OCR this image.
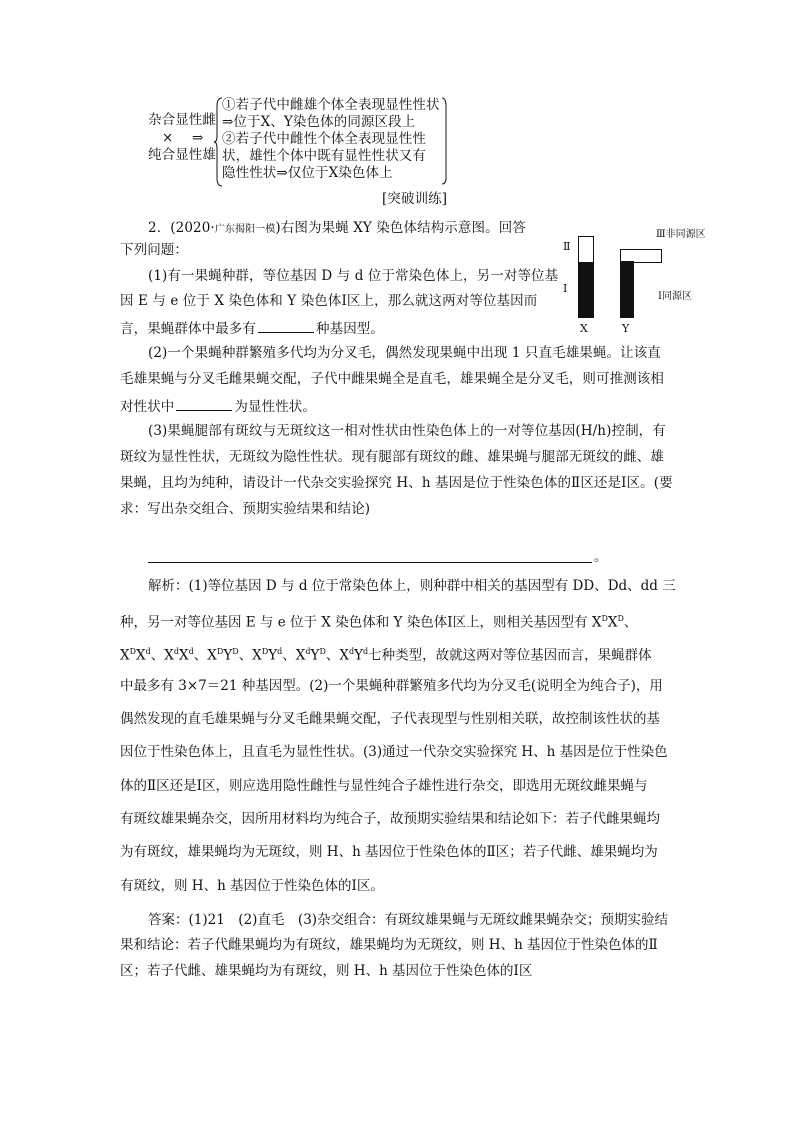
杂合显性雌
× ⇒
纯合显性雄
①若子代中雌雄个体全表现显性性状
⇒位于X、Y染色体的同源区段上
②若子代中雌性个体全表现显性性
状，雄性个体中既有显性性状又有
隐性性状⇒仅位于X染色体上
[突破训练]
2．(2020·广东揭阳一模)右图为果蝇 XY 染色体结构示意图。回答
下列问题：
(1)有一果蝇种群，等位基因 D 与 d 位于常染色体上，另一对等位基
因 E 与 e 位于 X 染色体和 Y 染色体Ⅰ区上，那么就这两对等位基因而
言，果蝇群体中最多有	种基因型。
(2)一个果蝇种群繁殖多代均为分叉毛，偶然发现果蝇中出现 1 只直毛雄果蝇。让该直
毛雄果蝇与分叉毛雌果蝇交配，子代中雌果蝇全是直毛，雄果蝇全是分叉毛，则可推测该相
对性状中	为显性性状。
(3)果蝇腿部有斑纹与无斑纹这一相对性状由性染色体上的一对等位基因(H/h)控制，有
斑纹为显性性状，无斑纹为隐性性状。现有腿部有斑纹的雌、雄果蝇与腿部无斑纹的雌、雄
果蝇，且均为纯种，请设计一代杂交实验探究 H、h 基因是位于性染色体的Ⅱ区还是Ⅰ区。(要
求：写出杂交组合、预期实验结果和结论)
。
Ⅱ
Ⅰ
X	Y
Ⅲ非同源区
Ⅰ同源区
解析：(1)等位基因 D 与 d 位于常染色体上，则种群中相关的基因型有 DD、Dd、dd 三
种，另一对等位基因 E 与 e 位于 X 染色体和 Y 染色体Ⅰ区上，则相关基因型有 $X^DX^D$、
$X^DX^d$、$X^dX^d$、$X^DY^D$、$X^DY^d$、$X^dY^D$、$X^dY^d$七种类型，故就这两对等位基因而言，果蝇群体
中最多有 3×7＝21 种基因型。(2)一个果蝇种群繁殖多代均为分叉毛(说明全为纯合子)，用
偶然发现的直毛雄果蝇与分叉毛雌果蝇交配，子代表现型与性别相关联，故控制该性状的基
因位于性染色体上，且直毛为显性性状。(3)通过一代杂交实验探究 H、h 基因是位于性染色
体的Ⅱ区还是Ⅰ区，则应选用隐性雌性与显性纯合子雄性进行杂交，即选用无斑纹雌果蝇与
有斑纹雄果蝇杂交，因所用材料均为纯合子，故预期实验结果和结论如下：若子代雌果蝇均
为有斑纹，雄果蝇均为无斑纹，则 H、h 基因位于性染色体的Ⅱ区；若子代雌、雄果蝇均为
有斑纹，则 H、h 基因位于性染色体的Ⅰ区。
答案：(1)21　(2)直毛　(3)杂交组合：有斑纹雄果蝇与无斑纹雌果蝇杂交；预期实验结
果和结论：若子代雌果蝇均为有斑纹，雄果蝇均为无斑纹，则 H、h 基因位于性染色体的Ⅱ
区；若子代雌、雄果蝇均为有斑纹，则 H、h 基因位于性染色体的Ⅰ区
